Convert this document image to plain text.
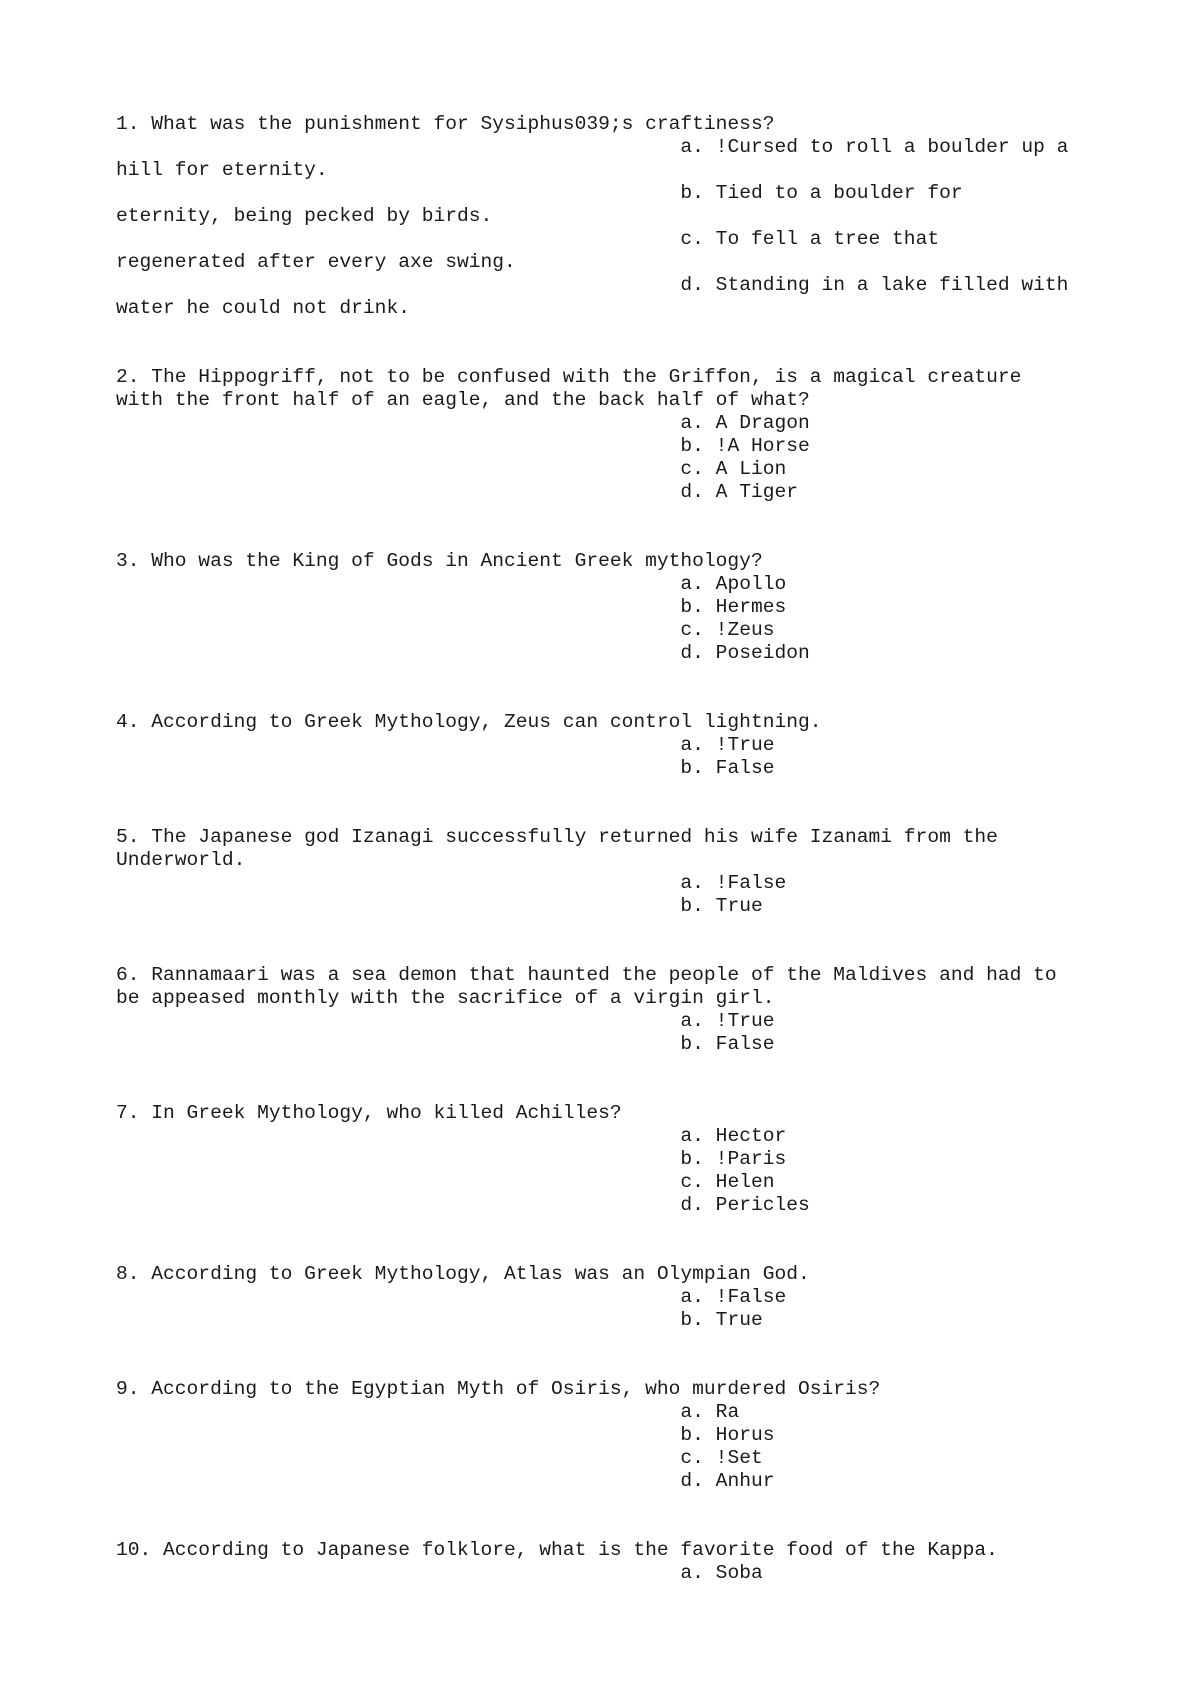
1. What was the punishment for Sysiphus039;s craftiness?
a. !Cursed to roll a boulder up a
hill for eternity.
b. Tied to a boulder for
eternity, being pecked by birds.
c. To fell a tree that
regenerated after every axe swing.
d. Standing in a lake filled with
water he could not drink.

2. The Hippogriff, not to be confused with the Griffon, is a magical creature
with the front half of an eagle, and the back half of what?
a. A Dragon
b. !A Horse
c. A Lion
d. A Tiger

3. Who was the King of Gods in Ancient Greek mythology?
a. Apollo
b. Hermes
c. !Zeus
d. Poseidon

4. According to Greek Mythology, Zeus can control lightning.
a. !True
b. False

5. The Japanese god Izanagi successfully returned his wife Izanami from the
Underworld.
a. !False
b. True

6. Rannamaari was a sea demon that haunted the people of the Maldives and had to
be appeased monthly with the sacrifice of a virgin girl.
a. !True
b. False

7. In Greek Mythology, who killed Achilles?
a. Hector
b. !Paris
c. Helen
d. Pericles

8. According to Greek Mythology, Atlas was an Olympian God.
a. !False
b. True

9. According to the Egyptian Myth of Osiris, who murdered Osiris?
a. Ra
b. Horus
c. !Set
d. Anhur

10. According to Japanese folklore, what is the favorite food of the Kappa.
a. Soba
